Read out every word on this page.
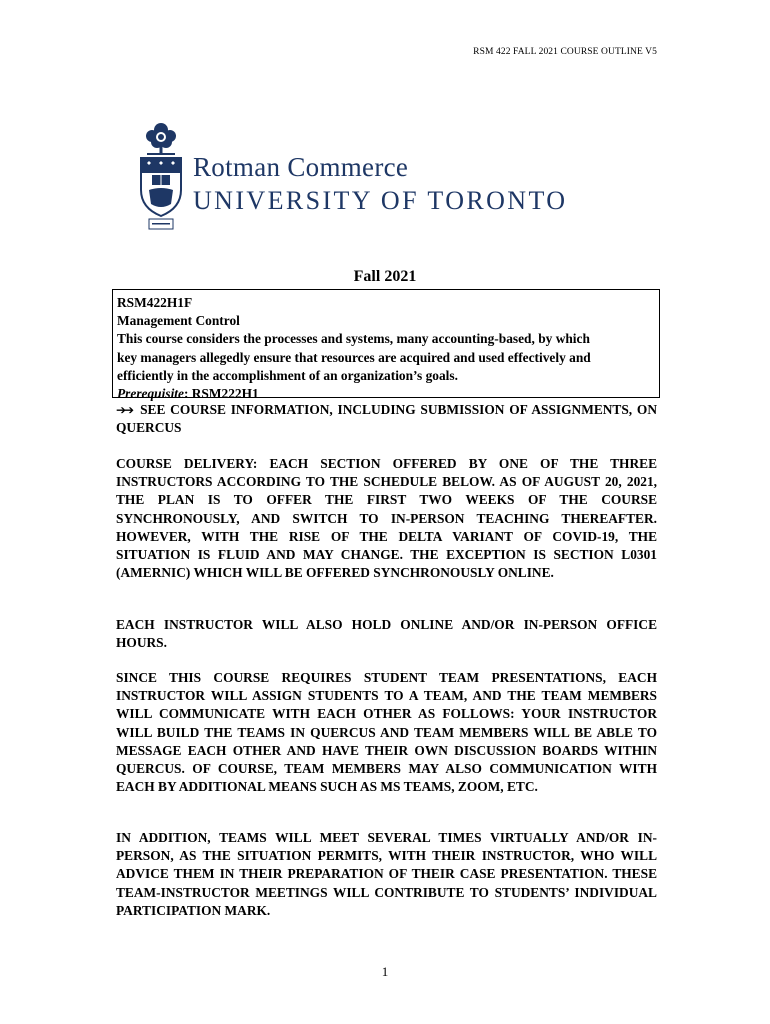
RSM 422 FALL 2021 COURSE OUTLINE V5
Rotman Commerce
UNIVERSITY OF TORONTO
Fall 2021
RSM422H1F
Management Control
This course considers the processes and systems, many accounting-based, by which
key managers allegedly ensure that resources are acquired and used effectively and
efficiently in the accomplishment of an organization’s goals.
Prerequisite: RSM222H1

➔➔ SEE COURSE INFORMATION, INCLUDING SUBMISSION OF ASSIGNMENTS, ON QUERCUS

COURSE DELIVERY: EACH SECTION OFFERED BY ONE OF THE THREE INSTRUCTORS ACCORDING TO THE SCHEDULE BELOW. AS OF AUGUST 20, 2021, THE PLAN IS TO OFFER THE FIRST TWO WEEKS OF THE COURSE SYNCHRONOUSLY, AND SWITCH TO IN-PERSON TEACHING THEREAFTER. HOWEVER, WITH THE RISE OF THE DELTA VARIANT OF COVID-19, THE SITUATION IS FLUID AND MAY CHANGE. THE EXCEPTION IS SECTION L0301 (AMERNIC) WHICH WILL BE OFFERED SYNCHRONOUSLY ONLINE.

EACH INSTRUCTOR WILL ALSO HOLD ONLINE AND/OR IN-PERSON OFFICE HOURS.

SINCE THIS COURSE REQUIRES STUDENT TEAM PRESENTATIONS, EACH INSTRUCTOR WILL ASSIGN STUDENTS TO A TEAM, AND THE TEAM MEMBERS WILL COMMUNICATE WITH EACH OTHER AS FOLLOWS: YOUR INSTRUCTOR WILL BUILD THE TEAMS IN QUERCUS AND TEAM MEMBERS WILL BE ABLE TO MESSAGE EACH OTHER AND HAVE THEIR OWN DISCUSSION BOARDS WITHIN QUERCUS. OF COURSE, TEAM MEMBERS MAY ALSO COMMUNICATION WITH EACH BY ADDITIONAL MEANS SUCH AS MS TEAMS, ZOOM, ETC.

IN ADDITION, TEAMS WILL MEET SEVERAL TIMES VIRTUALLY AND/OR IN-PERSON, AS THE SITUATION PERMITS, WITH THEIR INSTRUCTOR, WHO WILL ADVICE THEM IN THEIR PREPARATION OF THEIR CASE PRESENTATION. THESE TEAM-INSTRUCTOR MEETINGS WILL CONTRIBUTE TO STUDENTS’ INDIVIDUAL PARTICIPATION MARK.

1
